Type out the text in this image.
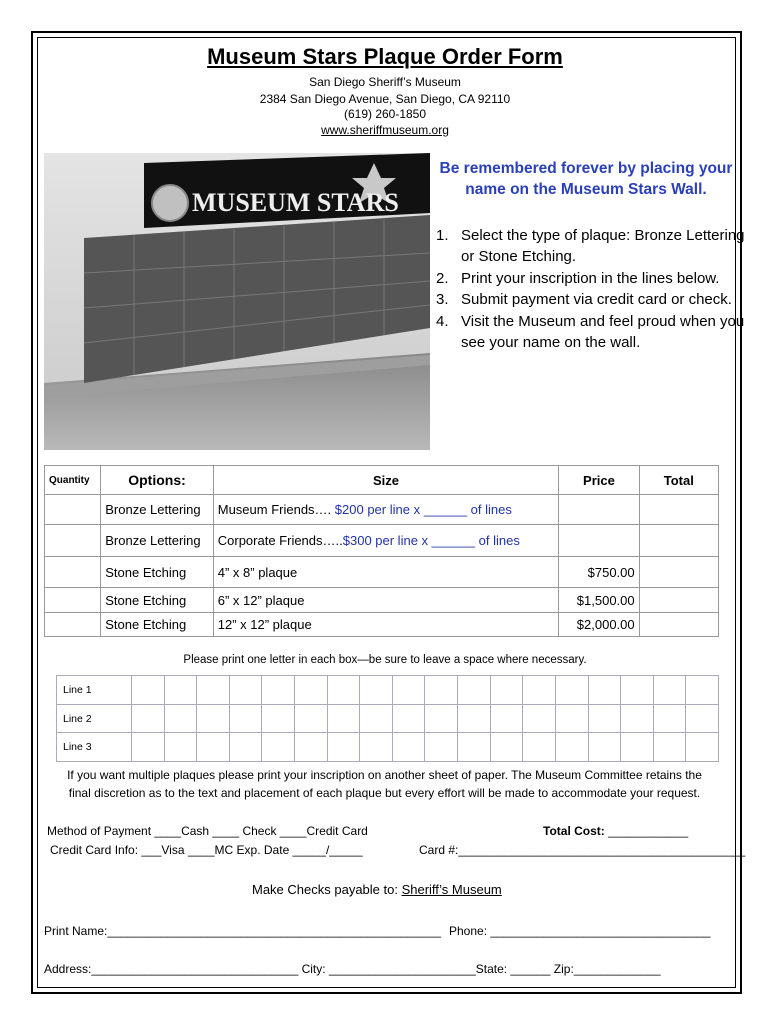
Museum Stars Plaque Order Form
San Diego Sheriff’s Museum
2384 San Diego Avenue, San Diego, CA 92110
(619) 260-1850
www.sheriffmuseum.org
MUSEUM STARS
Be remembered forever by placing your
name on the Museum Stars Wall.
1. Select the type of plaque: Bronze Lettering or Stone Etching.
2. Print your inscription in the lines below.
3. Submit payment via credit card or check.
4. Visit the Museum and feel proud when you see your name on the wall.
Quantity	Options:	Size	Price	Total
	Bronze Lettering	Museum Friends…. $200 per line x ______ of lines		
	Bronze Lettering	Corporate Friends…..$300 per line x ______ of lines		
	Stone Etching	4” x 8” plaque	$750.00	
	Stone Etching	6” x 12” plaque	$1,500.00	
	Stone Etching	12” x 12” plaque	$2,000.00	
Please print one letter in each box—be sure to leave a space where necessary.
Line 1																		
Line 2																		
Line 3																		
If you want multiple plaques please print your inscription on another sheet of paper. The Museum Committee retains the
final discretion as to the text and placement of each plaque but every effort will be made to accommodate your request.
Method of Payment ____Cash ____ Check ____Credit Card	Total Cost: ____________
Credit Card Info: ___Visa ____MC Exp. Date _____/_____	Card #:___________________________________________
Make Checks payable to: Sheriff’s Museum
Print Name:__________________________________________________ Phone: _________________________________
Address:_______________________________ City: ______________________State: ______ Zip:_____________
